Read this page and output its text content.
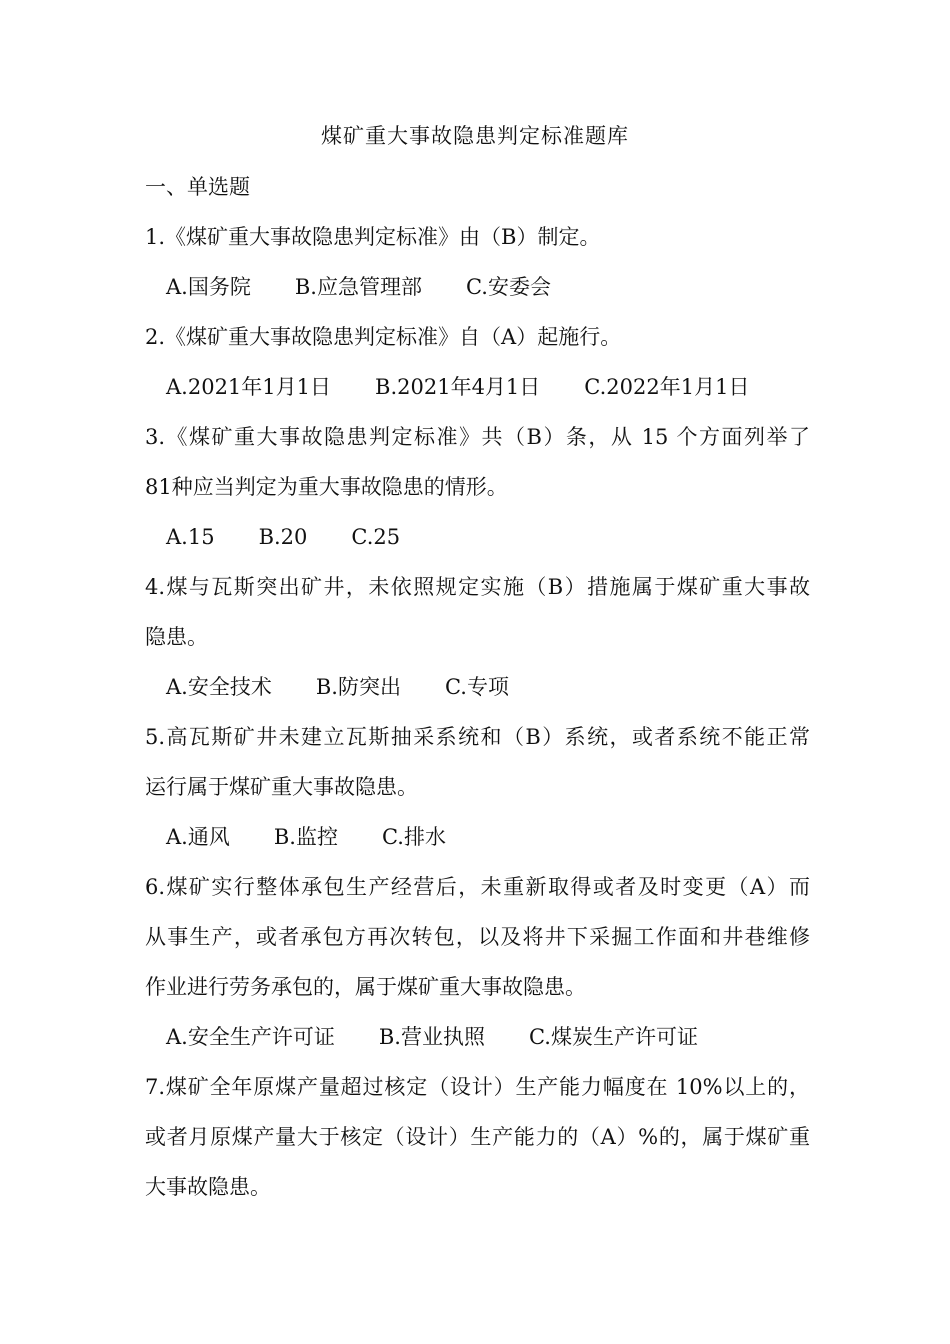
煤矿重大事故隐患判定标准题库
一、单选题
1.《煤矿重大事故隐患判定标准》由（B）制定。
A.国务院 B.应急管理部 C.安委会
2.《煤矿重大事故隐患判定标准》自（A）起施行。
A.2021年1月1日 B.2021年4月1日 C.2022年1月1日
3.《煤矿重大事故隐患判定标准》共（B）条，从 15 个方面列举了
81种应当判定为重大事故隐患的情形。
A.15 B.20 C.25
4.煤与瓦斯突出矿井，未依照规定实施（B）措施属于煤矿重大事故
隐患。
A.安全技术 B.防突出 C.专项
5.高瓦斯矿井未建立瓦斯抽采系统和（B）系统，或者系统不能正常
运行属于煤矿重大事故隐患。
A.通风 B.监控 C.排水
6.煤矿实行整体承包生产经营后，未重新取得或者及时变更（A）而
从事生产，或者承包方再次转包，以及将井下采掘工作面和井巷维修
作业进行劳务承包的，属于煤矿重大事故隐患。
A.安全生产许可证 B.营业执照 C.煤炭生产许可证
7.煤矿全年原煤产量超过核定（设计）生产能力幅度在 10%以上的，
或者月原煤产量大于核定（设计）生产能力的（A）%的，属于煤矿重
大事故隐患。
